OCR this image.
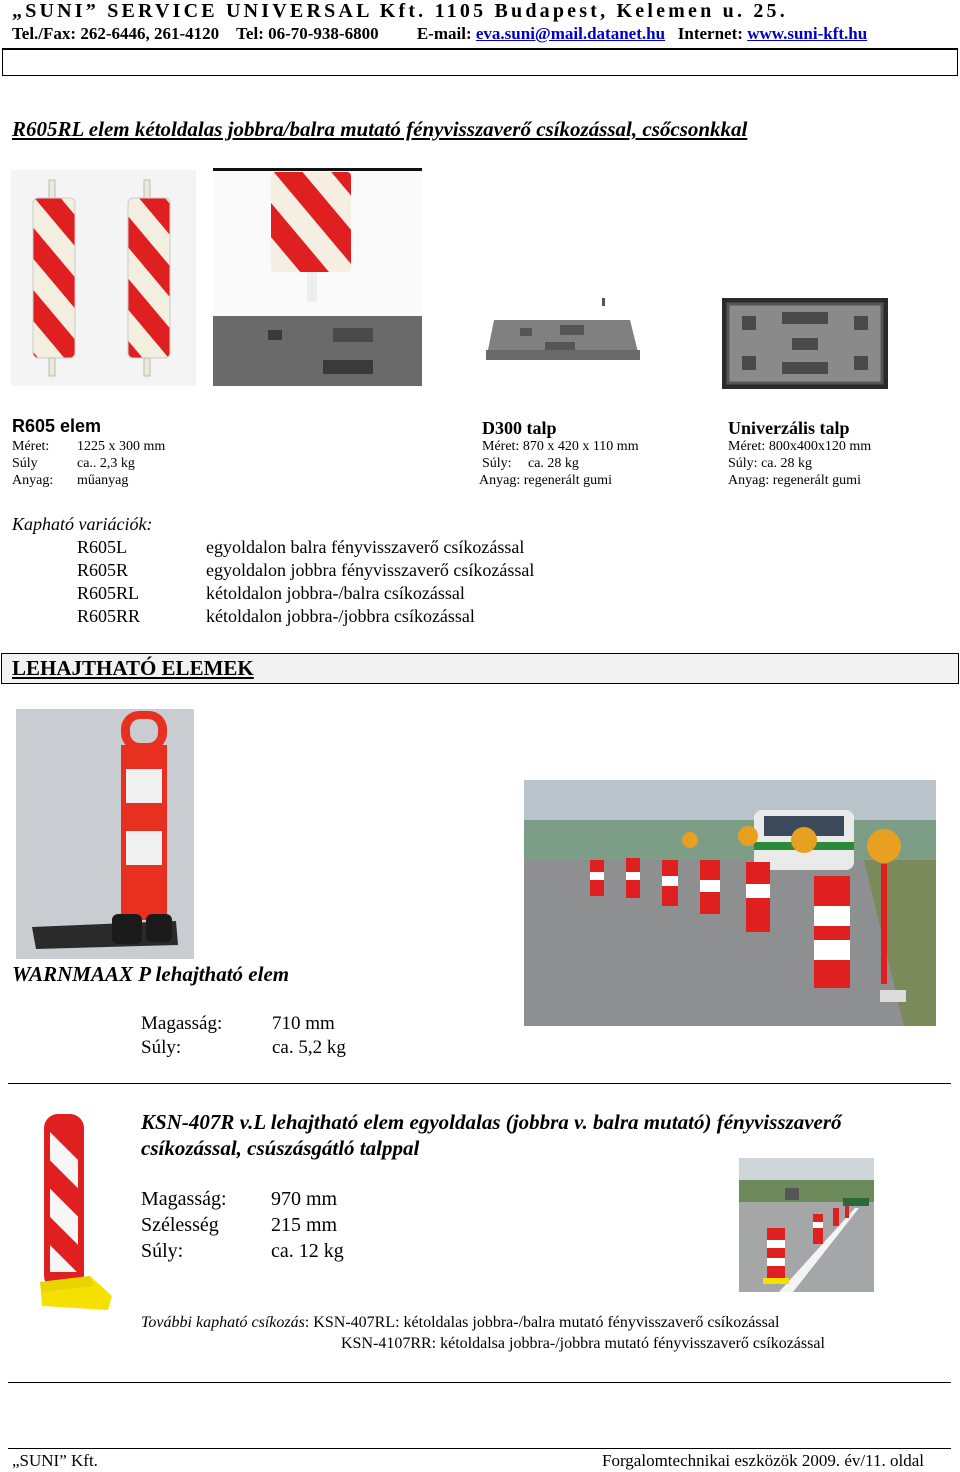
„SUNI” SERVICE UNIVERSAL Kft. 1105 Budapest, Kelemen u. 25.
Tel./Fax: 262-6446, 261-4120 Tel: 06-70-938-6800 E-mail: eva.suni@mail.datanet.hu Internet: www.suni-kft.hu
R605RL elem kétoldalas jobbra/balra mutató fényvisszaverő csíkozással, csőcsonkkal
R605 elem
Méret: 1225 x 300 mm
Súly	ca.. 2,3 kg
Anyag: műanyag
D300 talp
Méret: 870 x 420 x 110 mm
Súly: ca. 28 kg
Anyag: regenerált gumi
Univerzális talp
Méret: 800x400x120 mm
Súly: ca. 28 kg
Anyag: regenerált gumi
Kapható variációk:
R605L	egyoldalon balra fényvisszaverő csíkozással
R605R	egyoldalon jobbra fényvisszaverő csíkozással
R605RL	kétoldalon jobbra-/balra csíkozással
R605RR	kétoldalon jobbra-/jobbra csíkozással
LEHAJTHATÓ ELEMEK
WARNMAAX P lehajtható elem
Magasság:	710 mm
Súly:	ca. 5,2 kg
KSN-407R v.L lehajtható elem egyoldalas (jobbra v. balra mutató) fényvisszaverő
csíkozással, csúszásgátló talppal
Magasság: 970 mm
Szélesség	215 mm
Súly:	ca. 12 kg
További kapható csíkozás: KSN-407RL: kétoldalas jobbra-/balra mutató fényvisszaverő csíkozással
KSN-4107RR: kétoldalsa jobbra-/jobbra mutató fényvisszaverő csíkozással
„SUNI” Kft.	Forgalomtechnikai eszközök 2009. év/11. oldal
